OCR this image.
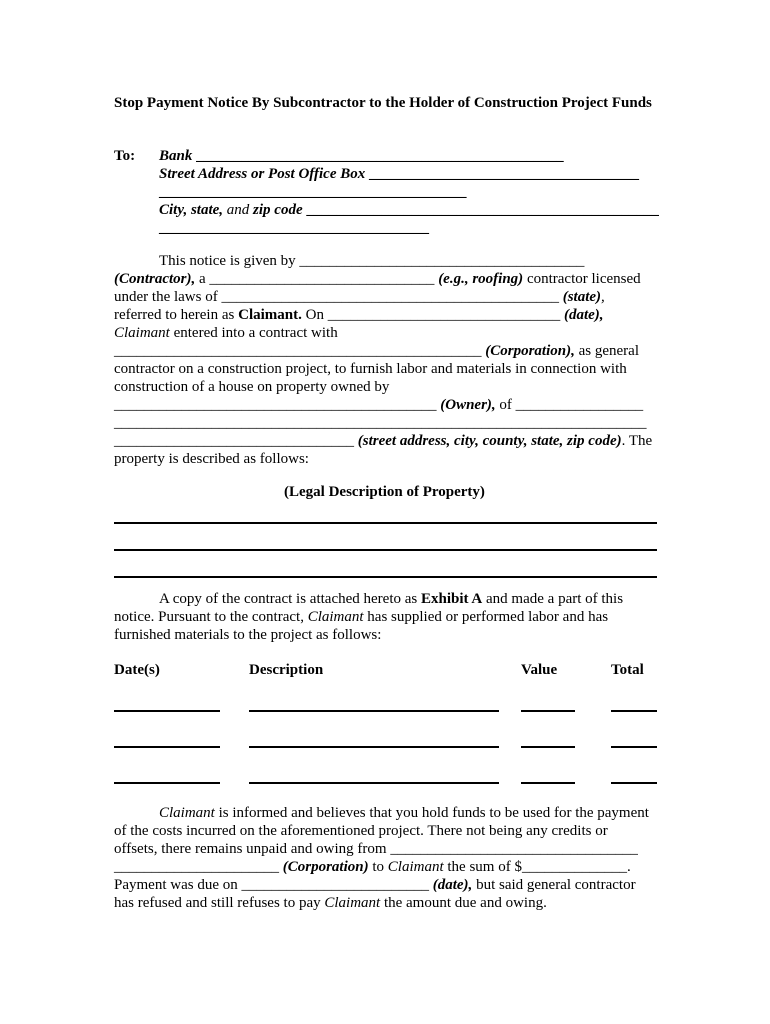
Stop Payment Notice By Subcontractor to the Holder of Construction Project Funds
To: Bank _________________________________________________
Street Address or Post Office Box ____________________________________
_________________________________________
City, state, and zip code _______________________________________________
____________________________________
This notice is given by ______________________________________
(Contractor), a ______________________________ (e.g., roofing) contractor licensed
under the laws of _____________________________________________ (state),
referred to herein as Claimant. On _______________________________ (date),
Claimant entered into a contract with
_________________________________________________ (Corporation), as general
contractor on a construction project, to furnish labor and materials in connection with
construction of a house on property owned by
___________________________________________ (Owner), of _________________
_______________________________________________________________________
________________________________ (street address, city, county, state, zip code). The
property is described as follows:
(Legal Description of Property)
A copy of the contract is attached hereto as Exhibit A and made a part of this
notice. Pursuant to the contract, Claimant has supplied or performed labor and has
furnished materials to the project as follows:
Date(s)	Description	Value	Total
Claimant is informed and believes that you hold funds to be used for the payment
of the costs incurred on the aforementioned project. There not being any credits or
offsets, there remains unpaid and owing from _________________________________
______________________ (Corporation) to Claimant the sum of $______________.
Payment was due on _________________________ (date), but said general contractor
has refused and still refuses to pay Claimant the amount due and owing.
